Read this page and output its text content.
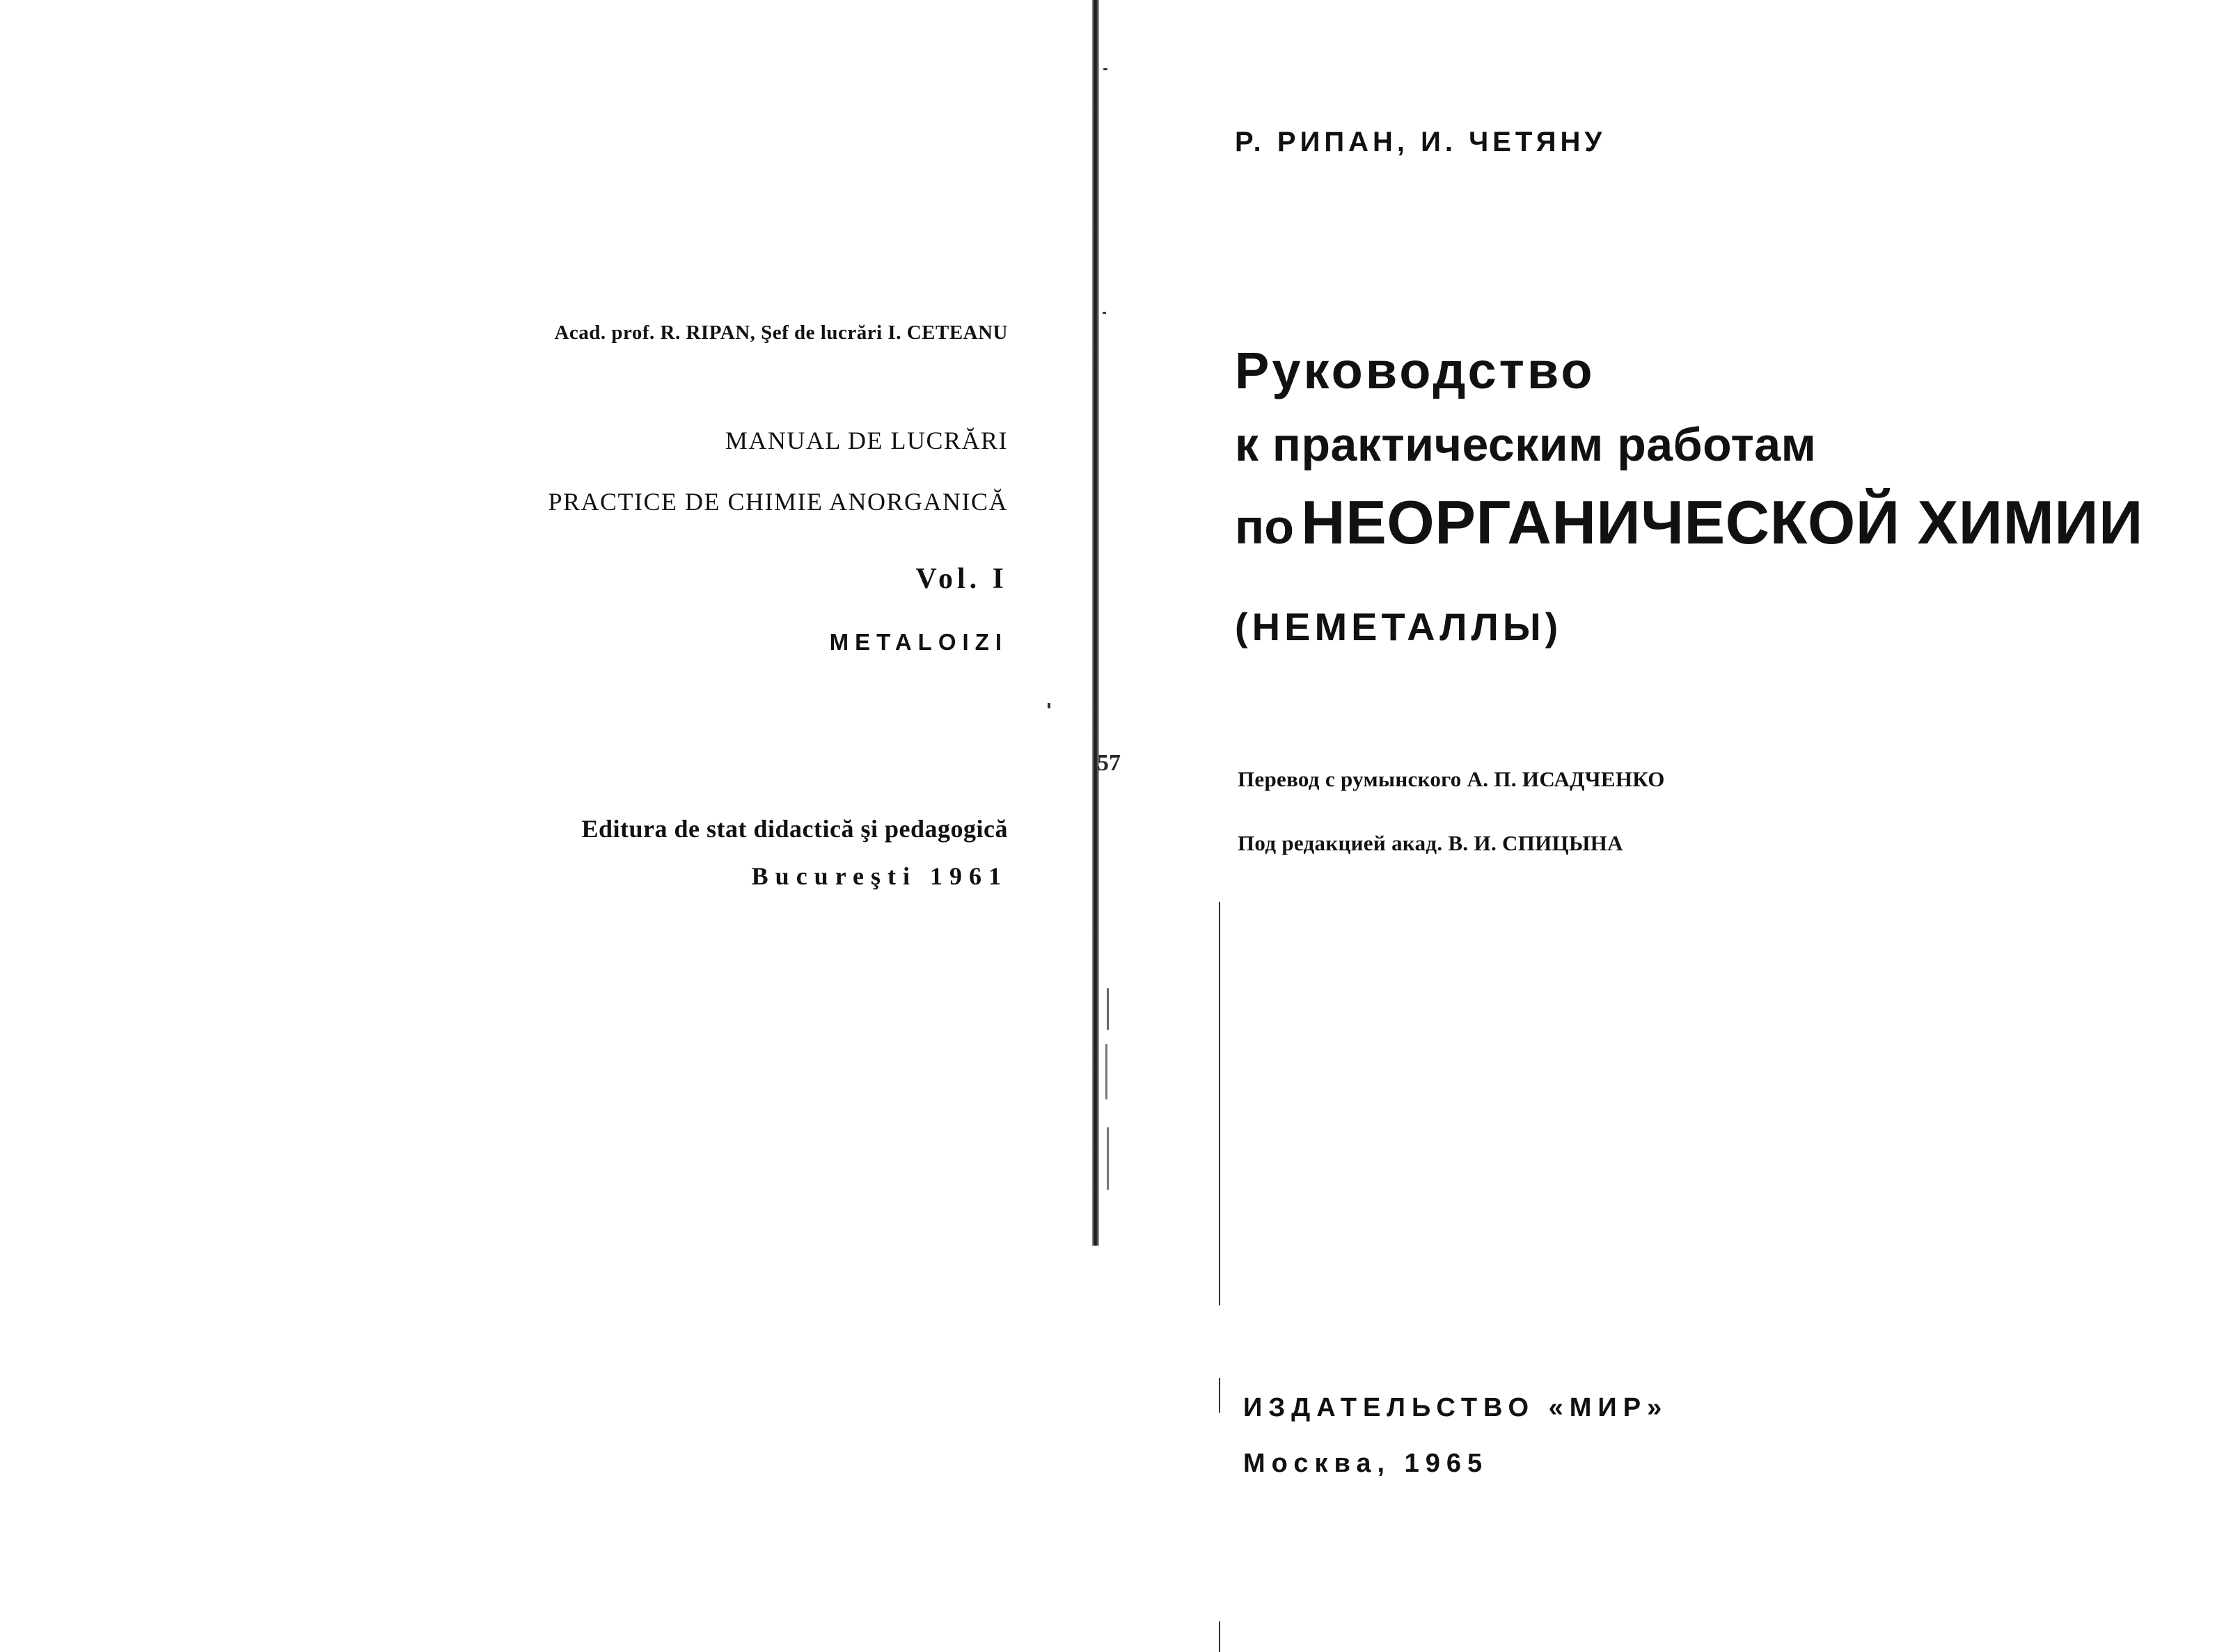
Acad. prof. R. RIPAN, Şef de lucrări I. CETEANU

MANUAL DE LUCRĂRI

PRACTICE DE CHIMIE ANORGANICĂ

Vol. I

METALOIZI

Editura de stat didactică şi pedagogică

Bucureşti 1961

57

Р. РИПАН, И. ЧЕТЯНУ

Руководство

к практическим работам

по НЕОРГАНИЧЕСКОЙ ХИМИИ

(НЕМЕТАЛЛЫ)

Перевод с румынского А. П. ИСАДЧЕНКО

Под редакцией акад. В. И. СПИЦЫНА

ИЗДАТЕЛЬСТВО «МИР»

Москва, 1965
